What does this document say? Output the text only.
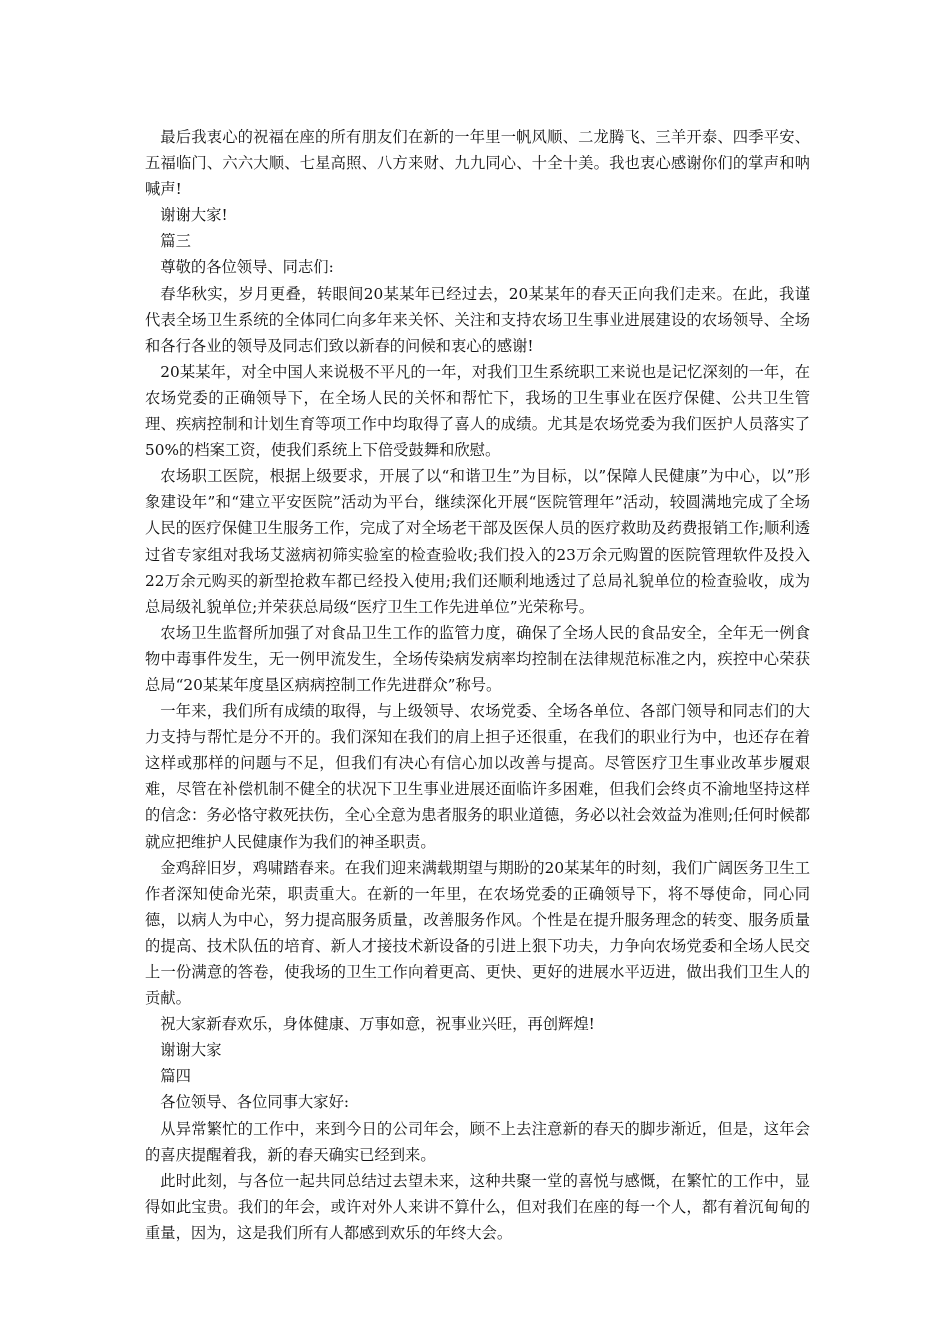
最后我衷心的祝福在座的所有朋友们在新的一年里一帆风顺、二龙腾飞、三羊开泰、四季平安、五福临门、六六大顺、七星高照、八方来财、九九同心、十全十美。我也衷心感谢你们的掌声和呐喊声!

谢谢大家!

篇三

尊敬的各位领导、同志们:

春华秋实，岁月更叠，转眼间20某某年已经过去，20某某年的春天正向我们走来。在此，我谨代表全场卫生系统的全体同仁向多年来关怀、关注和支持农场卫生事业进展建设的农场领导、全场和各行各业的领导及同志们致以新春的问候和衷心的感谢!

20某某年，对全中国人来说极不平凡的一年，对我们卫生系统职工来说也是记忆深刻的一年，在农场党委的正确领导下，在全场人民的关怀和帮忙下，我场的卫生事业在医疗保健、公共卫生管理、疾病控制和计划生育等项工作中均取得了喜人的成绩。尤其是农场党委为我们医护人员落实了50%的档案工资，使我们系统上下倍受鼓舞和欣慰。

农场职工医院，根据上级要求，开展了以“和谐卫生”为目标，以”保障人民健康”为中心，以”形象建设年”和“建立平安医院”活动为平台，继续深化开展“医院管理年”活动，较圆满地完成了全场人民的医疗保健卫生服务工作，完成了对全场老干部及医保人员的医疗救助及药费报销工作;顺利透过省专家组对我场艾滋病初筛实验室的检查验收;我们投入的23万余元购置的医院管理软件及投入22万余元购买的新型抢救车都已经投入使用;我们还顺利地透过了总局礼貌单位的检查验收，成为总局级礼貌单位;并荣获总局级“医疗卫生工作先进单位”光荣称号。

农场卫生监督所加强了对食品卫生工作的监管力度，确保了全场人民的食品安全，全年无一例食物中毒事件发生，无一例甲流发生，全场传染病发病率均控制在法律规范标准之内，疾控中心荣获总局“20某某年度垦区病病控制工作先进群众”称号。

一年来，我们所有成绩的取得，与上级领导、农场党委、全场各单位、各部门领导和同志们的大力支持与帮忙是分不开的。我们深知在我们的肩上担子还很重，在我们的职业行为中，也还存在着这样或那样的问题与不足，但我们有决心有信心加以改善与提高。尽管医疗卫生事业改革步履艰难，尽管在补偿机制不健全的状况下卫生事业进展还面临许多困难，但我们会终贞不渝地坚持这样的信念：务必恪守救死扶伤，全心全意为患者服务的职业道德，务必以社会效益为准则;任何时候都就应把维护人民健康作为我们的神圣职责。

金鸡辞旧岁，鸡啸踏春来。在我们迎来满载期望与期盼的20某某年的时刻，我们广阔医务卫生工作者深知使命光荣，职责重大。在新的一年里，在农场党委的正确领导下，将不辱使命，同心同德，以病人为中心，努力提高服务质量，改善服务作风。个性是在提升服务理念的转变、服务质量的提高、技术队伍的培育、新人才接技术新设备的引进上狠下功夫，力争向农场党委和全场人民交上一份满意的答卷，使我场的卫生工作向着更高、更快、更好的进展水平迈进，做出我们卫生人的贡献。

祝大家新春欢乐，身体健康、万事如意，祝事业兴旺，再创辉煌!

谢谢大家

篇四

各位领导、各位同事大家好:

从异常繁忙的工作中，来到今日的公司年会，顾不上去注意新的春天的脚步渐近，但是，这年会的喜庆提醒着我，新的春天确实已经到来。

此时此刻，与各位一起共同总结过去望未来，这种共聚一堂的喜悦与感慨，在繁忙的工作中，显得如此宝贵。我们的年会，或许对外人来讲不算什么，但对我们在座的每一个人，都有着沉甸甸的重量，因为，这是我们所有人都感到欢乐的年终大会。
